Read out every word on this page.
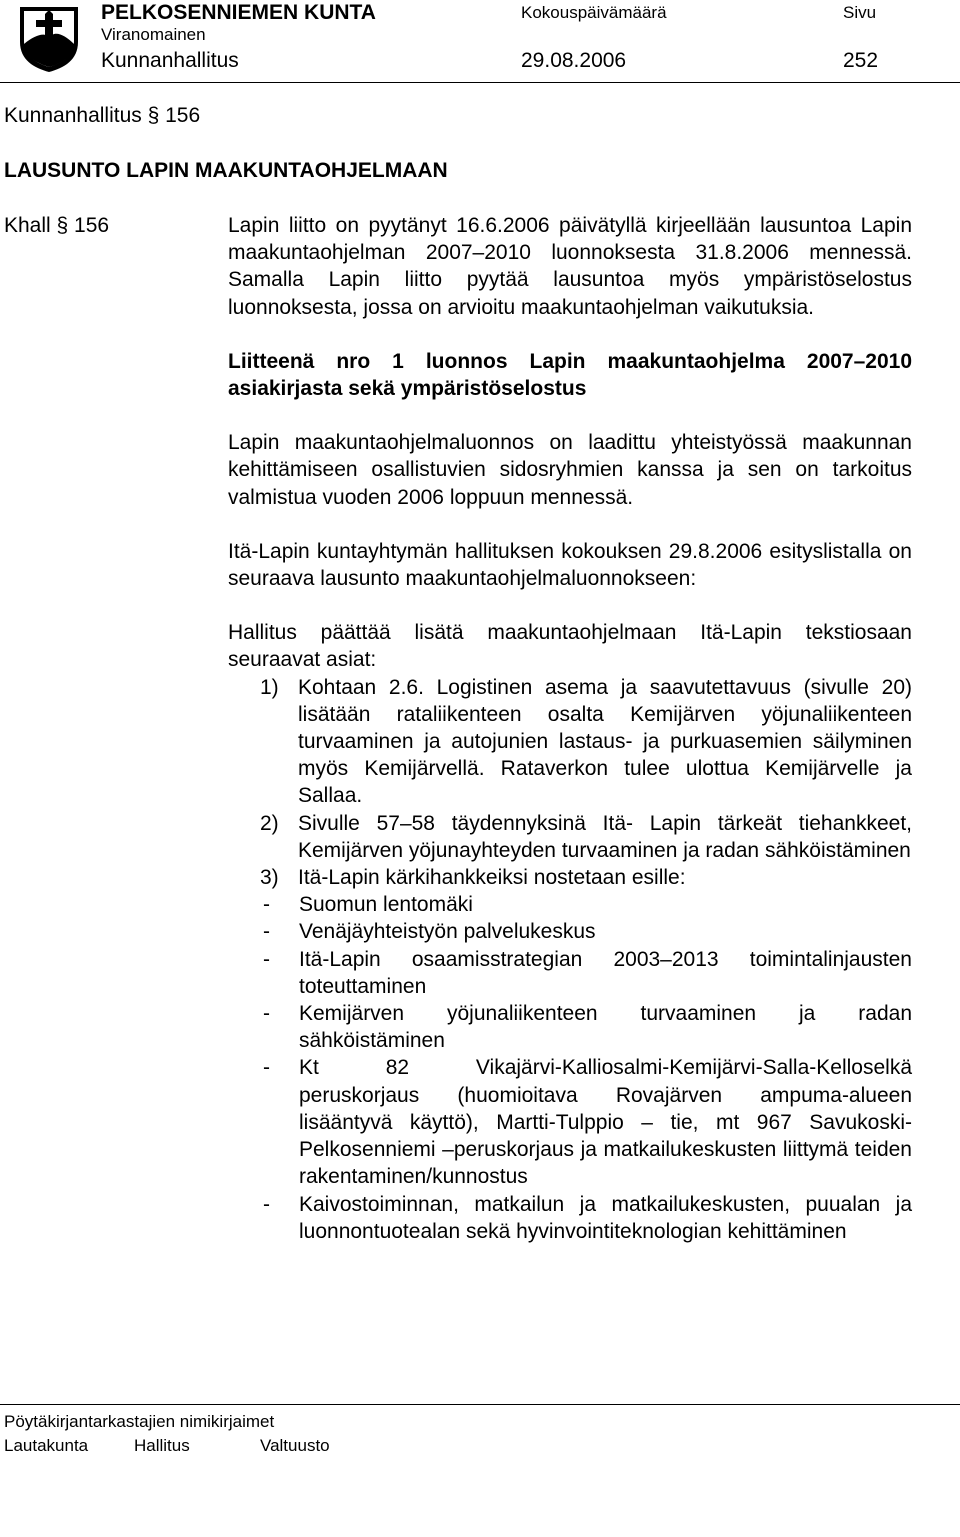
PELKOSENNIEMEN KUNTA
Viranomainen
Kunnanhallitus
Kokouspäivämäärä
29.08.2006
Sivu
252
Kunnanhallitus § 156
LAUSUNTO LAPIN MAAKUNTAOHJELMAAN
Khall § 156	Lapin liitto on pyytänyt 16.6.2006 päivätyllä kirjeellään lausuntoa Lapin maakuntaohjelman 2007–2010 luonnoksesta 31.8.2006 mennessä. Samalla Lapin liitto pyytää lausuntoa myös ympäristöselostus luonnoksesta, jossa on arvioitu maakuntaohjelman vaikutuksia.

Liitteenä nro 1 luonnos Lapin maakuntaohjelma 2007–2010 asiakirjasta sekä ympäristöselostus

Lapin maakuntaohjelmaluonnos on laadittu yhteistyössä maakunnan kehittämiseen osallistuvien sidosryhmien kanssa ja sen on tarkoitus valmistua vuoden 2006 loppuun mennessä.

Itä-Lapin kuntayhtymän hallituksen kokouksen 29.8.2006 esityslistalla on seuraava lausunto maakuntaohjelmaluonnokseen:

Hallitus päättää lisätä maakuntaohjelmaan Itä-Lapin tekstiosaan seuraavat asiat:

1) Kohtaan 2.6. Logistinen asema ja saavutettavuus (sivulle 20) lisätään rataliikenteen osalta Kemijärven yöjunaliikenteen turvaaminen ja autojunien lastaus- ja purkuasemien säilyminen myös Kemijärvellä. Rataverkon tulee ulottua Kemijärvelle ja Sallaa.
2) Sivulle 57–58 täydennyksinä Itä- Lapin tärkeät tiehankkeet, Kemijärven yöjunayhteyden turvaaminen ja radan sähköistäminen
3) Itä-Lapin kärkihankkeiksi nostetaan esille:
- Suomun lentomäki
- Venäjäyhteistyön palvelukeskus
- Itä-Lapin osaamisstrategian 2003–2013 toimintalinjausten toteuttaminen
- Kemijärven yöjunaliikenteen turvaaminen ja radan sähköistäminen
- Kt 82 Vikajärvi-Kalliosalmi-Kemijärvi-Salla-Kelloselkä peruskorjaus (huomioitava Rovajärven ampuma-alueen lisääntyvä käyttö), Martti-Tulppio – tie, mt 967 Savukoski-Pelkosenniemi –peruskorjaus ja matkailukeskusten liittymä teiden rakentaminen/kunnostus
- Kaivostoiminnan, matkailun ja matkailukeskusten, puualan ja luonnontuotealan sekä hyvinvointiteknologian kehittäminen
Pöytäkirjantarkastajien nimikirjaimet
Lautakunta	Hallitus	Valtuusto
